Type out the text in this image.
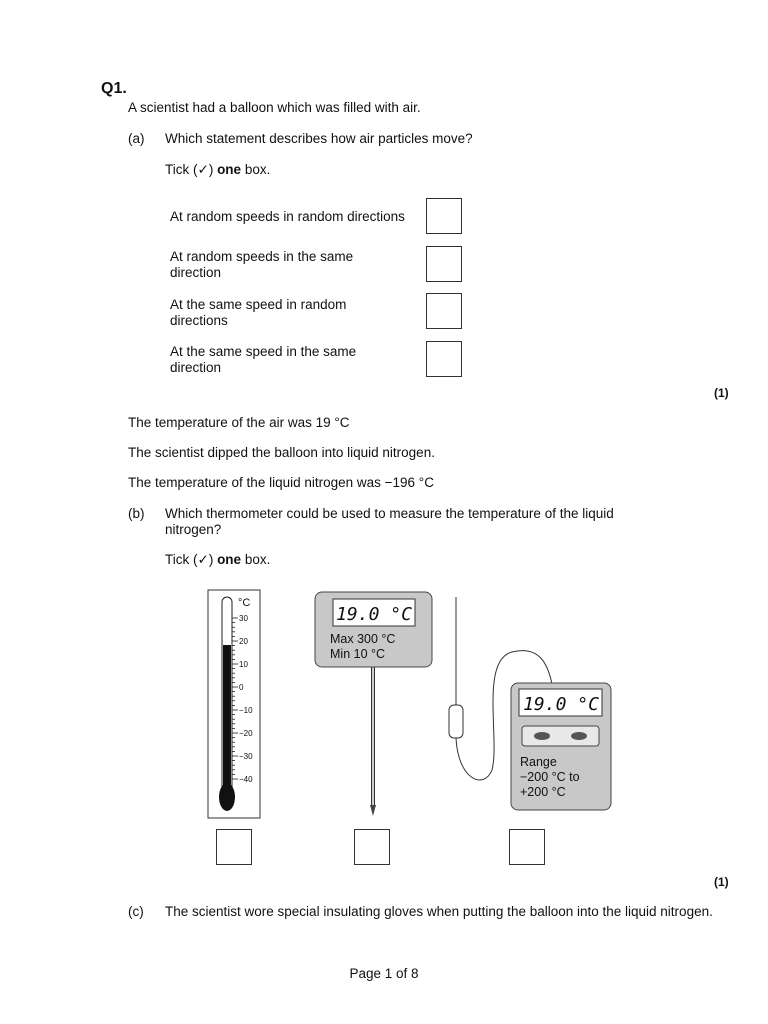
Q1.
A scientist had a balloon which was filled with air.
(a) Which statement describes how air particles move?
Tick (✓) one box.
At random speeds in random directions
At random speeds in the same direction
At the same speed in random directions
At the same speed in the same direction
(1)
The temperature of the air was 19 °C
The scientist dipped the balloon into liquid nitrogen.
The temperature of the liquid nitrogen was −196 °C
(b) Which thermometer could be used to measure the temperature of the liquid nitrogen?
Tick (✓) one box.
°C
30
20
10
0
−10
−20
−30
−40
19.0 °C
Max 300 °C
Min 10 °C
19.0 °C
Range
−200 °C to
+200 °C
(1)
(c) The scientist wore special insulating gloves when putting the balloon into the liquid nitrogen.
Page 1 of 8
